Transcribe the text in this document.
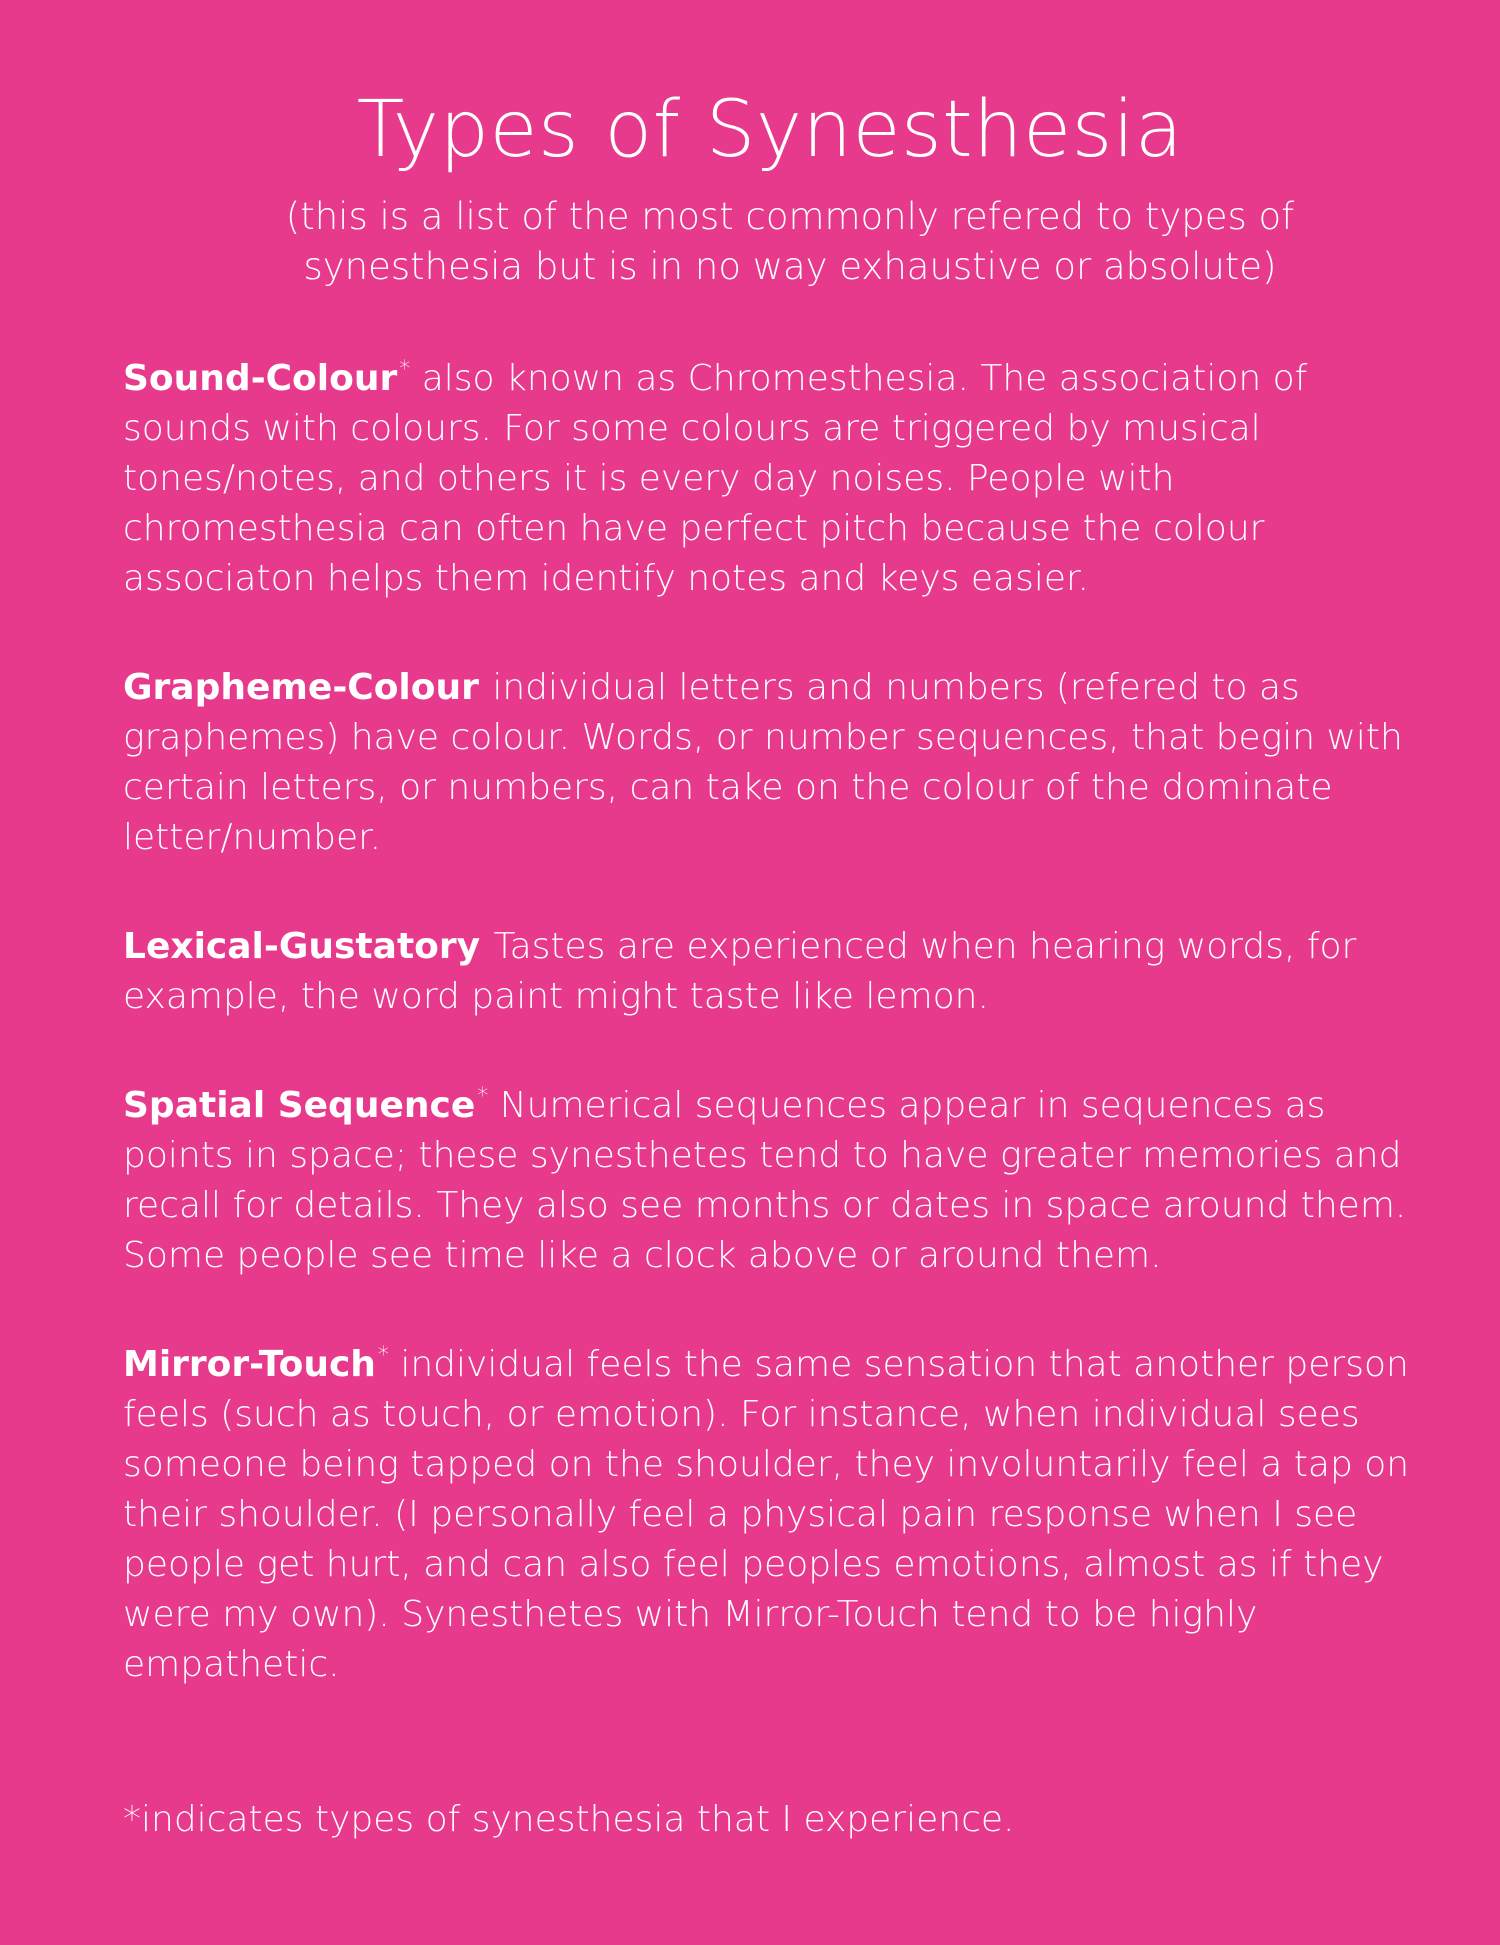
Types of Synesthesia
(this is a list of the most commonly refered to types of synesthesia but is in no way exhaustive or absolute)

Sound-Colour* also known as Chromesthesia. The association of sounds with colours. For some colours are triggered by musical tones/notes, and others it is every day noises. People with chromesthesia can often have perfect pitch because the colour associaton helps them identify notes and keys easier.

Grapheme-Colour individual letters and numbers (refered to as graphemes) have colour. Words, or number sequences, that begin with certain letters, or numbers, can take on the colour of the dominate letter/number.

Lexical-Gustatory Tastes are experienced when hearing words, for example, the word paint might taste like lemon.

Spatial Sequence* Numerical sequences appear in sequences as points in space; these synesthetes tend to have greater memories and recall for details. They also see months or dates in space around them. Some people see time like a clock above or around them.

Mirror-Touch* individual feels the same sensation that another person feels (such as touch, or emotion). For instance, when individual sees someone being tapped on the shoulder, they involuntarily feel a tap on their shoulder. (I personally feel a physical pain response when I see people get hurt, and can also feel peoples emotions, almost as if they were my own). Synesthetes with Mirror-Touch tend to be highly empathetic.

*indicates types of synesthesia that I experience.
